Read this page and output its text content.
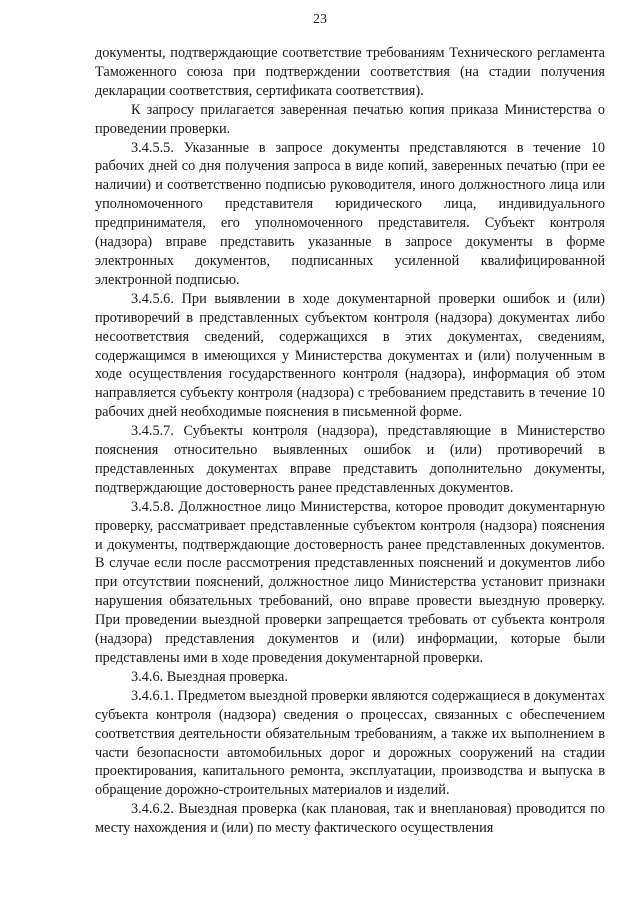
23

документы, подтверждающие соответствие требованиям Технического регламента Таможенного союза при подтверждении соответствия (на стадии получения декларации соответствия, сертификата соответствия).

К запросу прилагается заверенная печатью копия приказа Министерства о проведении проверки.

3.4.5.5. Указанные в запросе документы представляются в течение 10 рабочих дней со дня получения запроса в виде копий, заверенных печатью (при ее наличии) и соответственно подписью руководителя, иного должностного лица или уполномоченного представителя юридического лица, индивидуального предпринимателя, его уполномоченного представителя. Субъект контроля (надзора) вправе представить указанные в запросе документы в форме электронных документов, подписанных усиленной квалифицированной электронной подписью.

3.4.5.6. При выявлении в ходе документарной проверки ошибок и (или) противоречий в представленных субъектом контроля (надзора) документах либо несоответствия сведений, содержащихся в этих документах, сведениям, содержащимся в имеющихся у Министерства документах и (или) полученным в ходе осуществления государственного контроля (надзора), информация об этом направляется субъекту контроля (надзора) с требованием представить в течение 10 рабочих дней необходимые пояснения в письменной форме.

3.4.5.7. Субъекты контроля (надзора), представляющие в Министерство пояснения относительно выявленных ошибок и (или) противоречий в представленных документах вправе представить дополнительно документы, подтверждающие достоверность ранее представленных документов.

3.4.5.8. Должностное лицо Министерства, которое проводит документарную проверку, рассматривает представленные субъектом контроля (надзора) пояснения и документы, подтверждающие достоверность ранее представленных документов. В случае если после рассмотрения представленных пояснений и документов либо при отсутствии пояснений, должностное лицо Министерства установит признаки нарушения обязательных требований, оно вправе провести выездную проверку. При проведении выездной проверки запрещается требовать от субъекта контроля (надзора) представления документов и (или) информации, которые были представлены ими в ходе проведения документарной проверки.

3.4.6. Выездная проверка.

3.4.6.1. Предметом выездной проверки являются содержащиеся в документах субъекта контроля (надзора) сведения о процессах, связанных с обеспечением соответствия деятельности обязательным требованиям, а также их выполнением в части безопасности автомобильных дорог и дорожных сооружений на стадии проектирования, капитального ремонта, эксплуатации, производства и выпуска в обращение дорожно-строительных материалов и изделий.

3.4.6.2. Выездная проверка (как плановая, так и внеплановая) проводится по месту нахождения и (или) по месту фактического осуществления
